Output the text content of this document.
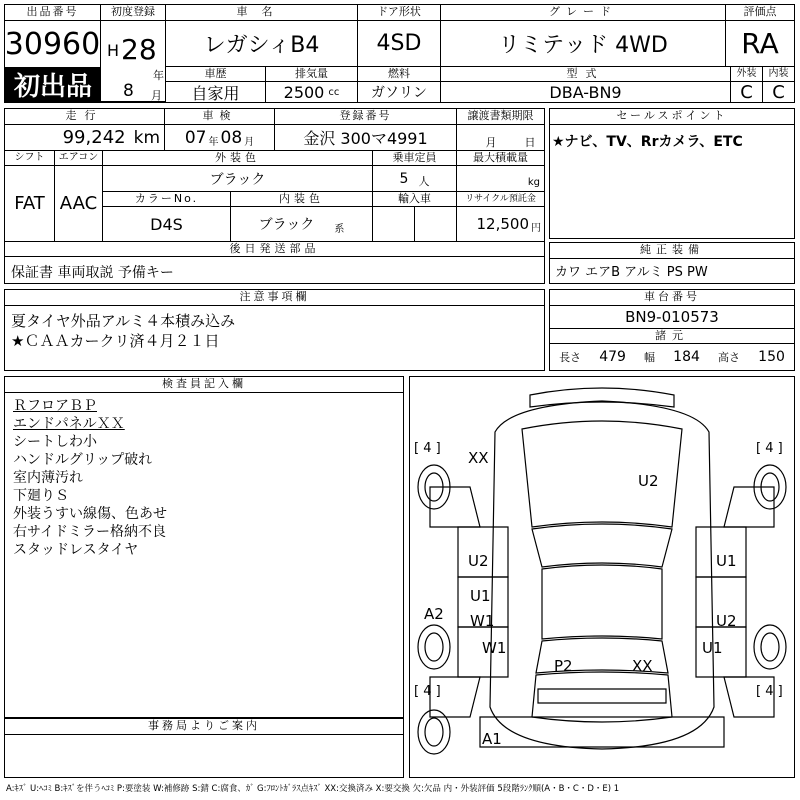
出品番号
30960
初出品
初度登録
H 28
年
8 月
車名
レガシィB4
ドア形状
4SD
グレード
リミテッド 4WD
評価点
RA
車歴	排気量	燃料	型式	外装	内装
自家用	2500 cc	ガソリン	DBA-BN9	C	C
走行	車検	登録番号	譲渡書類期限
99,242 km 07 年 08 月	金沢 300マ4991	月	日
シフト	エアコン	外装色	乗車定員	最大積載量
FAT AAC
ブラック	5 人	kg
カラーNo.	内装色	輸入車	リサイクル預託金
D4S	ブラック 系	12,500 円
後日発送部品
保証書 車両取説 予備キー
セールスポイント
★ナビ、TV、Rrカメラ、ETC
純正装備
カワ エアB アルミ PS PW
注意事項欄
夏タイヤ外品アルミ４本積み込み
★ＣＡＡカークリ済４月２１日
車台番号
BN9-010573
諸元
長さ 479 幅 184 高さ 150
検査員記入欄
ＲフロアＢＰ
エンドパネルＸＸ
シートしわ小
ハンドルグリップ破れ
室内薄汚れ
下廻りＳ
外装うすい線傷、色あせ
右サイドミラー格納不良
スタッドレスタイヤ
事務局よりご案内
[ 4 ]	[ 4 ]
[ 4 ]	[ 4 ]
XX
U2
U2	U1
U1
W1
A2	U2
W1	U1
P2	XX
A1
A:ｷｽﾞ U:ﾍｺﾐ B:ｷｽﾞを伴うﾍｺﾐ P:要塗装 W:補修跡 S:錆 C:腐食、ｶﾞ G:ﾌﾛﾝﾄｶﾞﾗｽ点ｷｽﾞ XX:交換済み X:要交換 欠:欠品 内・外装評価 5段階ﾗﾝｸ順(A・B・C・D・E) 1
